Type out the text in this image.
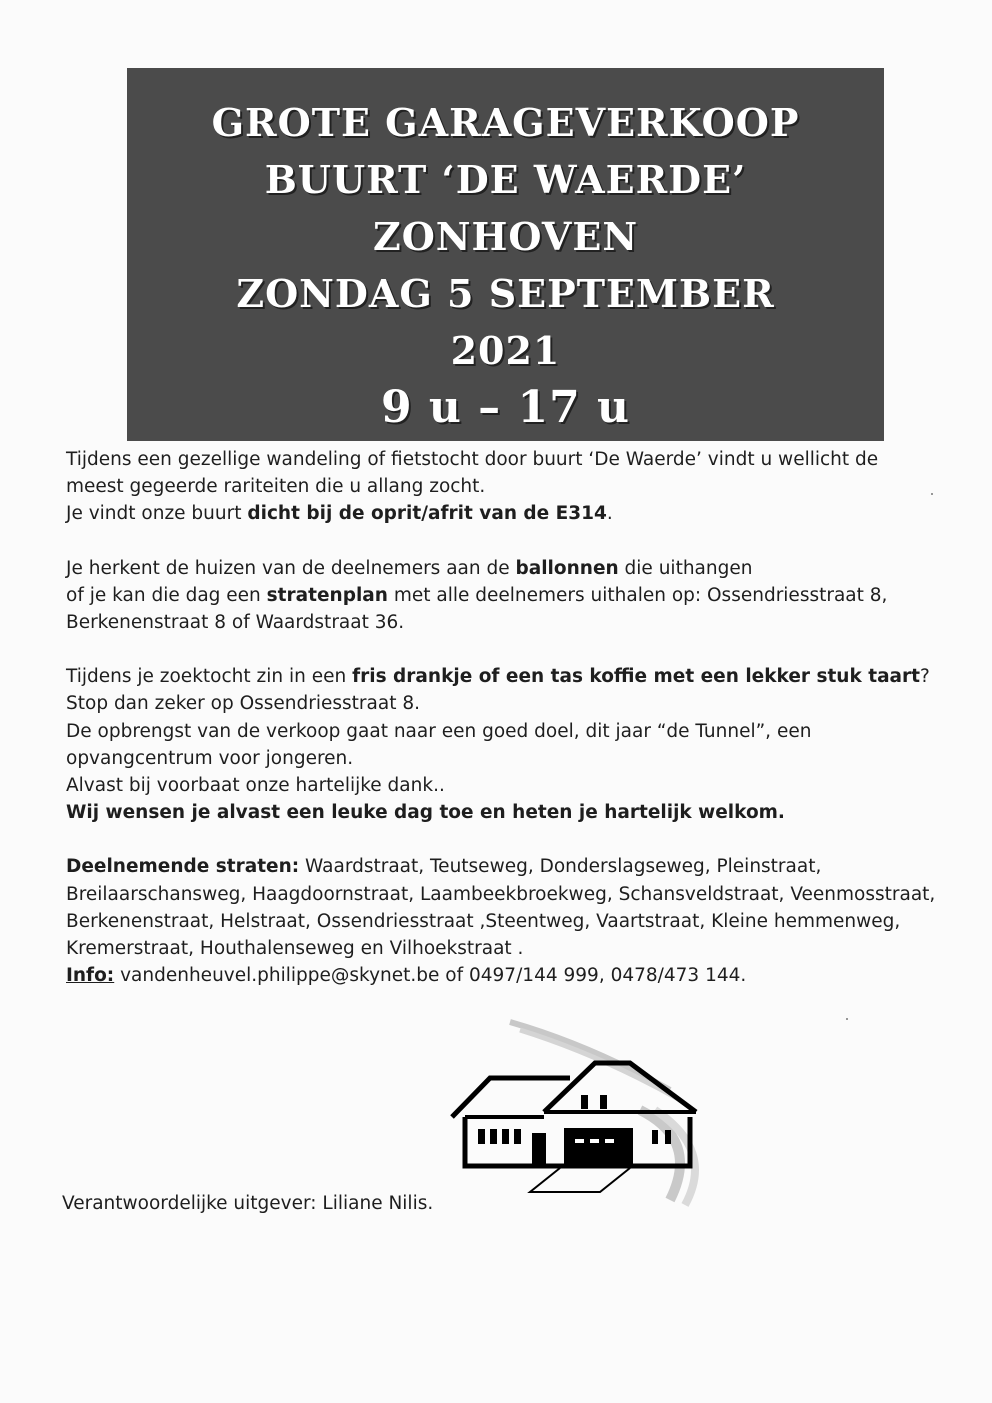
GROTE GARAGEVERKOOP
BUURT ‘DE WAERDE’
ZONHOVEN
ZONDAG 5 SEPTEMBER
2021
9 u – 17 u
Tijdens een gezellige wandeling of fietstocht door buurt ‘De Waerde’ vindt u wellicht de
meest gegeerde rariteiten die u allang zocht.
Je vindt onze buurt dicht bij de oprit/afrit van de E314.
Je herkent de huizen van de deelnemers aan de ballonnen die uithangen
of je kan die dag een stratenplan met alle deelnemers uithalen op: Ossendriesstraat 8,
Berkenenstraat 8 of Waardstraat 36.
Tijdens je zoektocht zin in een fris drankje of een tas koffie met een lekker stuk taart?
Stop dan zeker op Ossendriesstraat 8.
De opbrengst van de verkoop gaat naar een goed doel, dit jaar “de Tunnel”, een
opvangcentrum voor jongeren.
Alvast bij voorbaat onze hartelijke dank..
Wij wensen je alvast een leuke dag toe en heten je hartelijk welkom.
Deelnemende straten: Waardstraat, Teutseweg, Donderslagseweg, Pleinstraat,
Breilaarschansweg, Haagdoornstraat, Laambeekbroekweg, Schansveldstraat, Veenmosstraat,
Berkenenstraat, Helstraat, Ossendriesstraat ,Steentweg, Vaartstraat, Kleine hemmenweg,
Kremerstraat, Houthalenseweg en Vilhoekstraat .
Info: vandenheuvel.philippe@skynet.be of 0497/144 999, 0478/473 144.
Verantwoordelijke uitgever: Liliane Nilis.
